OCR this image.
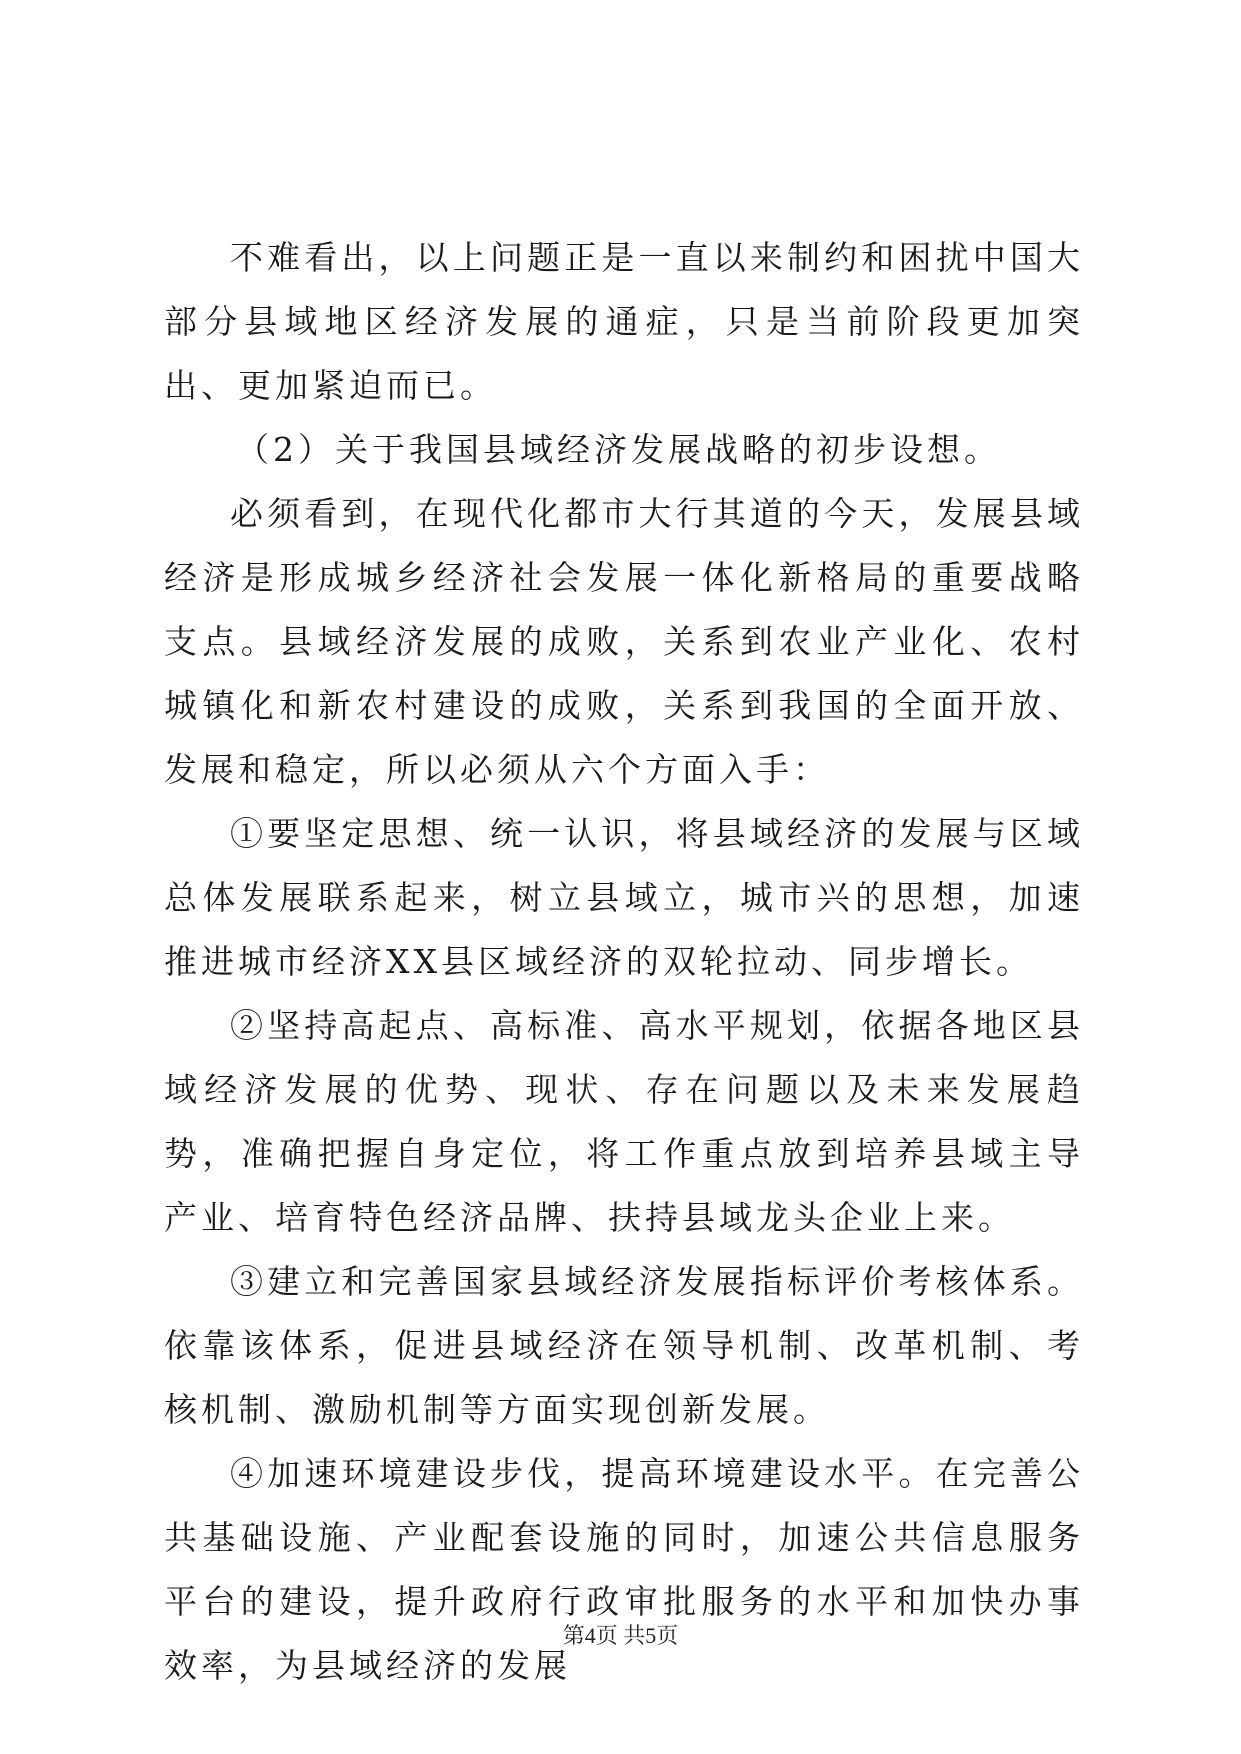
不难看出，以上问题正是一直以来制约和困扰中国大部分县域地区经济发展的通症，只是当前阶段更加突出、更加紧迫而已。

（2）关于我国县域经济发展战略的初步设想。

必须看到，在现代化都市大行其道的今天，发展县域经济是形成城乡经济社会发展一体化新格局的重要战略支点。县域经济发展的成败，关系到农业产业化、农村城镇化和新农村建设的成败，关系到我国的全面开放、发展和稳定，所以必须从六个方面入手：

①要坚定思想、统一认识，将县域经济的发展与区域总体发展联系起来，树立县域立，城市兴的思想，加速推进城市经济XX县区域经济的双轮拉动、同步增长。

②坚持高起点、高标准、高水平规划，依据各地区县域经济发展的优势、现状、存在问题以及未来发展趋势，准确把握自身定位，将工作重点放到培养县域主导产业、培育特色经济品牌、扶持县域龙头企业上来。

③建立和完善国家县域经济发展指标评价考核体系。依靠该体系，促进县域经济在领导机制、改革机制、考核机制、激励机制等方面实现创新发展。

④加速环境建设步伐，提高环境建设水平。在完善公共基础设施、产业配套设施的同时，加速公共信息服务平台的建设，提升政府行政审批服务的水平和加快办事效率，为县域经济的发展

第4页 共5页
